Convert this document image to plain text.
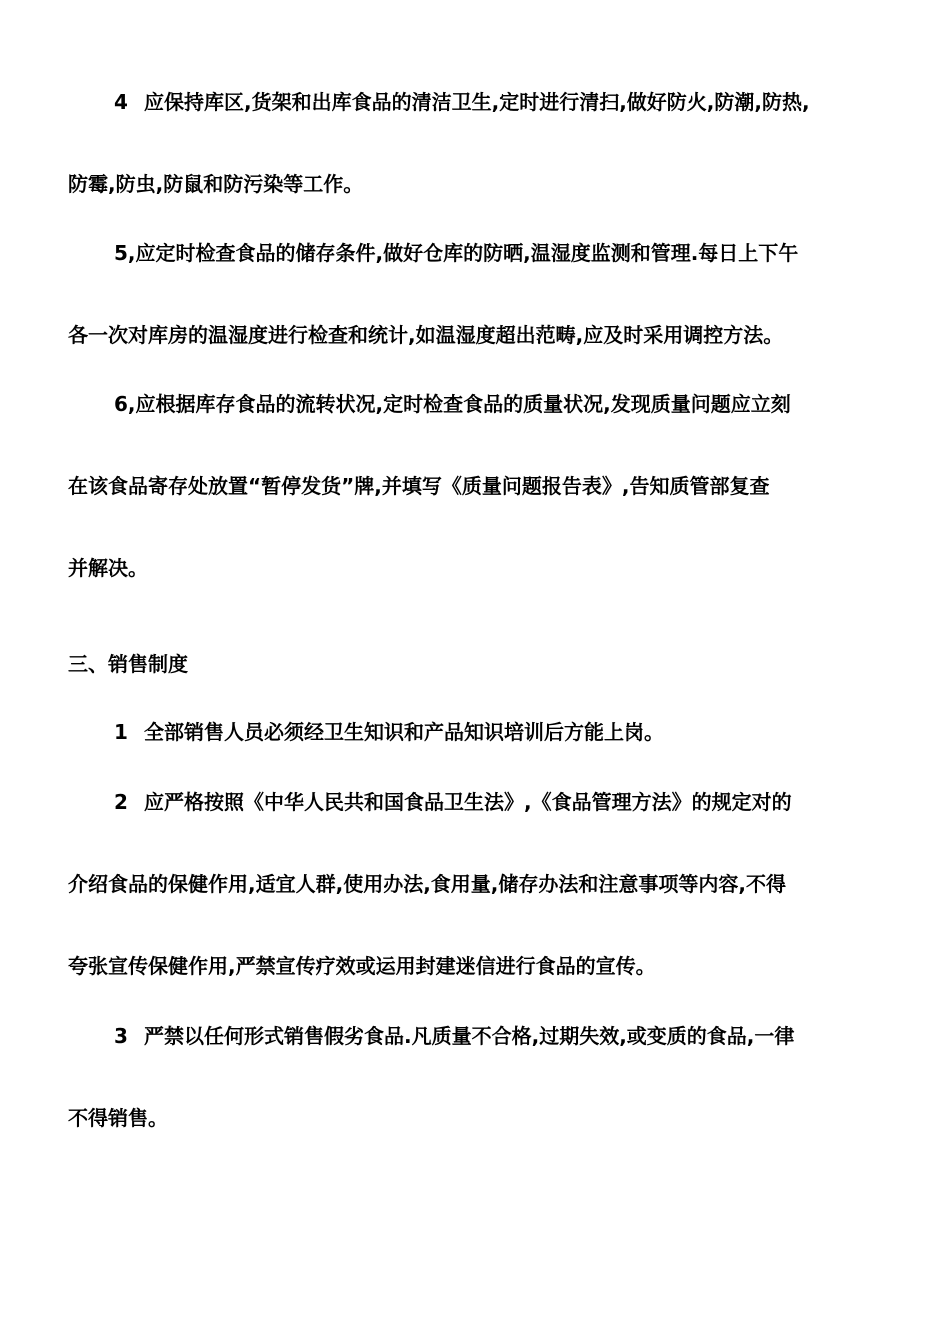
4 应保持库区,货架和出库食品的清洁卫生,定时进行清扫,做好防火,防潮,防热,
防霉,防虫,防鼠和防污染等工作。
5,应定时检查食品的储存条件,做好仓库的防晒,温湿度监测和管理.每日上下午
各一次对库房的温湿度进行检查和统计,如温湿度超出范畴,应及时采用调控方法。
6,应根据库存食品的流转状况,定时检查食品的质量状况,发现质量问题应立刻
在该食品寄存处放置“暂停发货”牌,并填写《质量问题报告表》,告知质管部复查
并解决。
三、销售制度
1 全部销售人员必须经卫生知识和产品知识培训后方能上岗。
2 应严格按照《中华人民共和国食品卫生法》,《食品管理方法》的规定对的
介绍食品的保健作用,适宜人群,使用办法,食用量,储存办法和注意事项等内容,不得
夸张宣传保健作用,严禁宣传疗效或运用封建迷信进行食品的宣传。
3 严禁以任何形式销售假劣食品.凡质量不合格,过期失效,或变质的食品,一律
不得销售。
